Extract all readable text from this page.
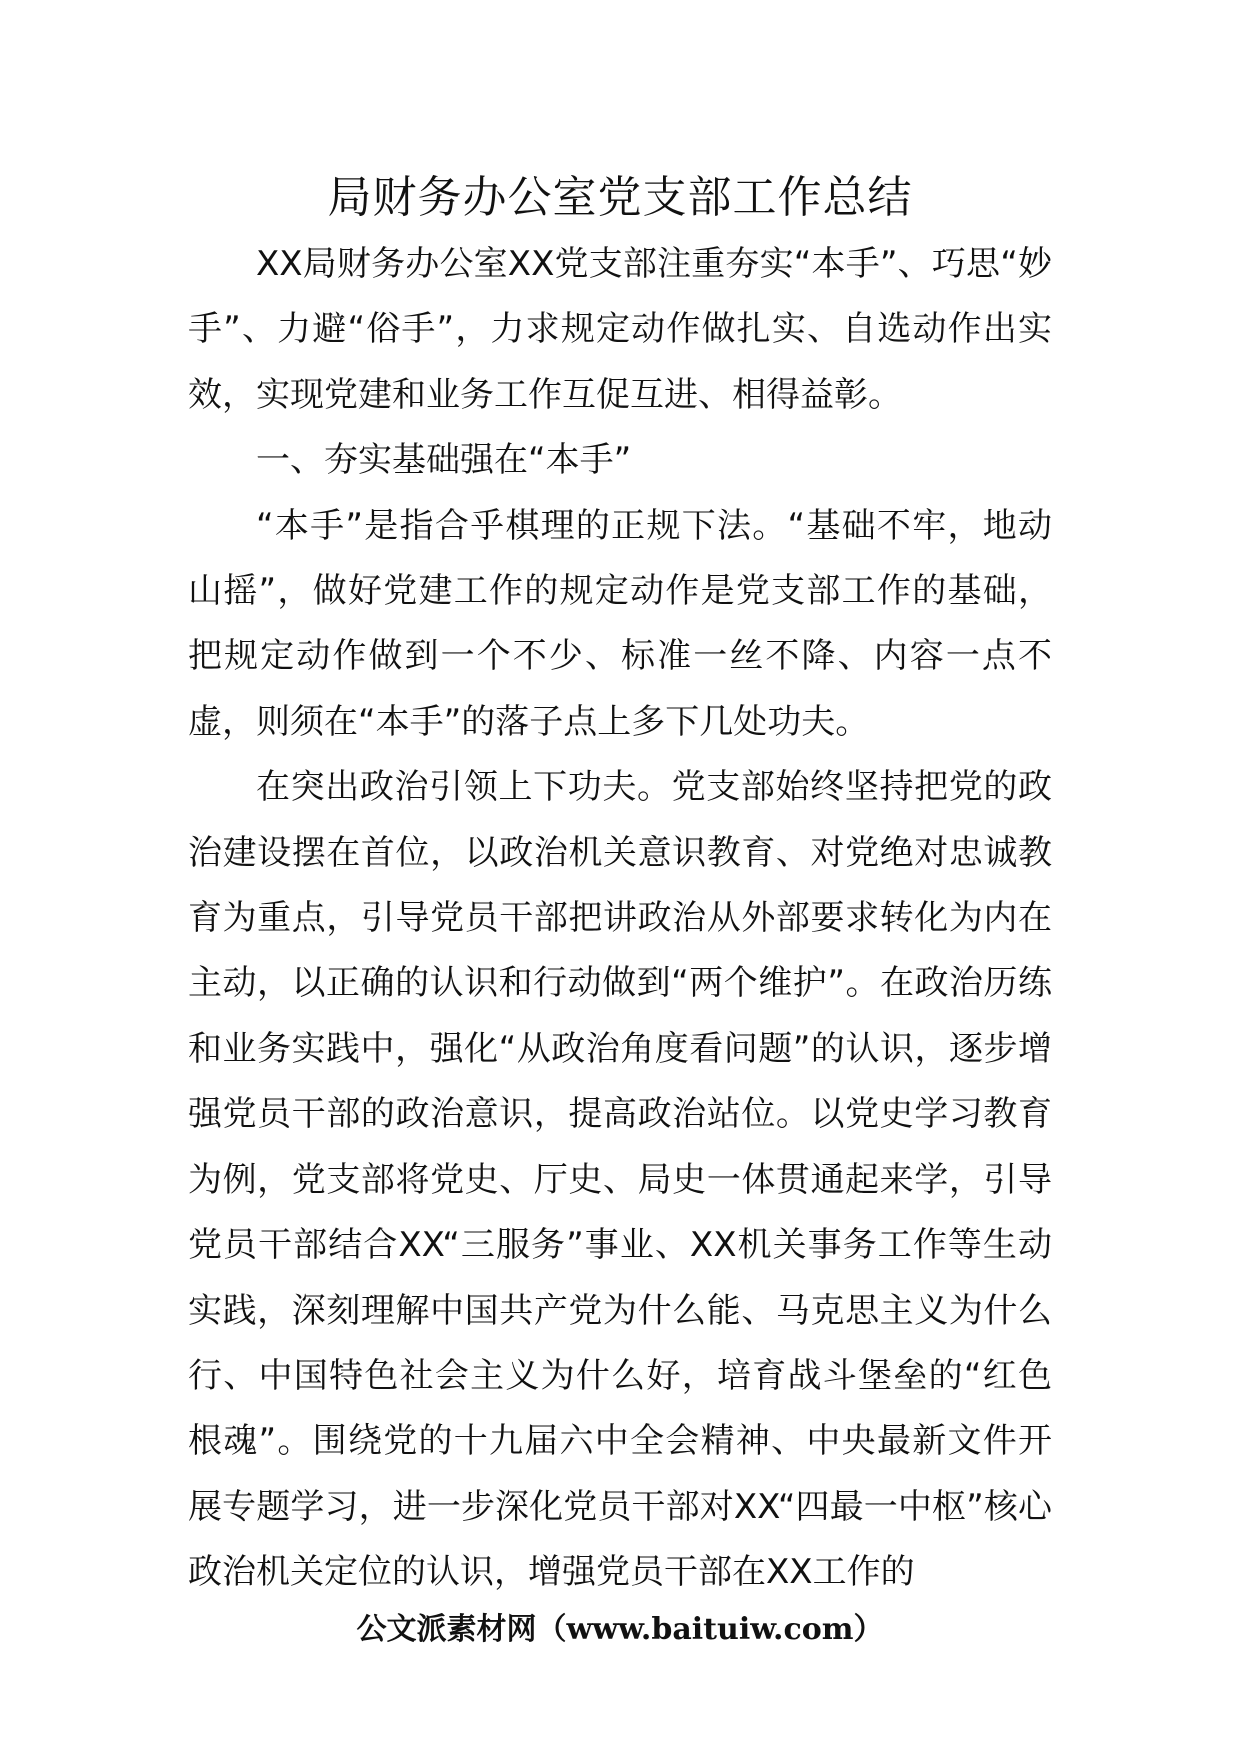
局财务办公室党支部工作总结

XX局财务办公室XX党支部注重夯实“本手”、巧思“妙手”、力避“俗手”，力求规定动作做扎实、自选动作出实效，实现党建和业务工作互促互进、相得益彰。

一、夯实基础强在“本手”

“本手”是指合乎棋理的正规下法。“基础不牢，地动山摇”，做好党建工作的规定动作是党支部工作的基础，把规定动作做到一个不少、标准一丝不降、内容一点不虚，则须在“本手”的落子点上多下几处功夫。

在突出政治引领上下功夫。党支部始终坚持把党的政治建设摆在首位，以政治机关意识教育、对党绝对忠诚教育为重点，引导党员干部把讲政治从外部要求转化为内在主动，以正确的认识和行动做到“两个维护”。在政治历练和业务实践中，强化“从政治角度看问题”的认识，逐步增强党员干部的政治意识，提高政治站位。以党史学习教育为例，党支部将党史、厅史、局史一体贯通起来学，引导党员干部结合XX“三服务”事业、XX机关事务工作等生动实践，深刻理解中国共产党为什么能、马克思主义为什么行、中国特色社会主义为什么好，培育战斗堡垒的“红色根魂”。围绕党的十九届六中全会精神、中央最新文件开展专题学习，进一步深化党员干部对XX“四最一中枢”核心政治机关定位的认识，增强党员干部在XX工作的

公文派素材网（www.baituiw.com）
